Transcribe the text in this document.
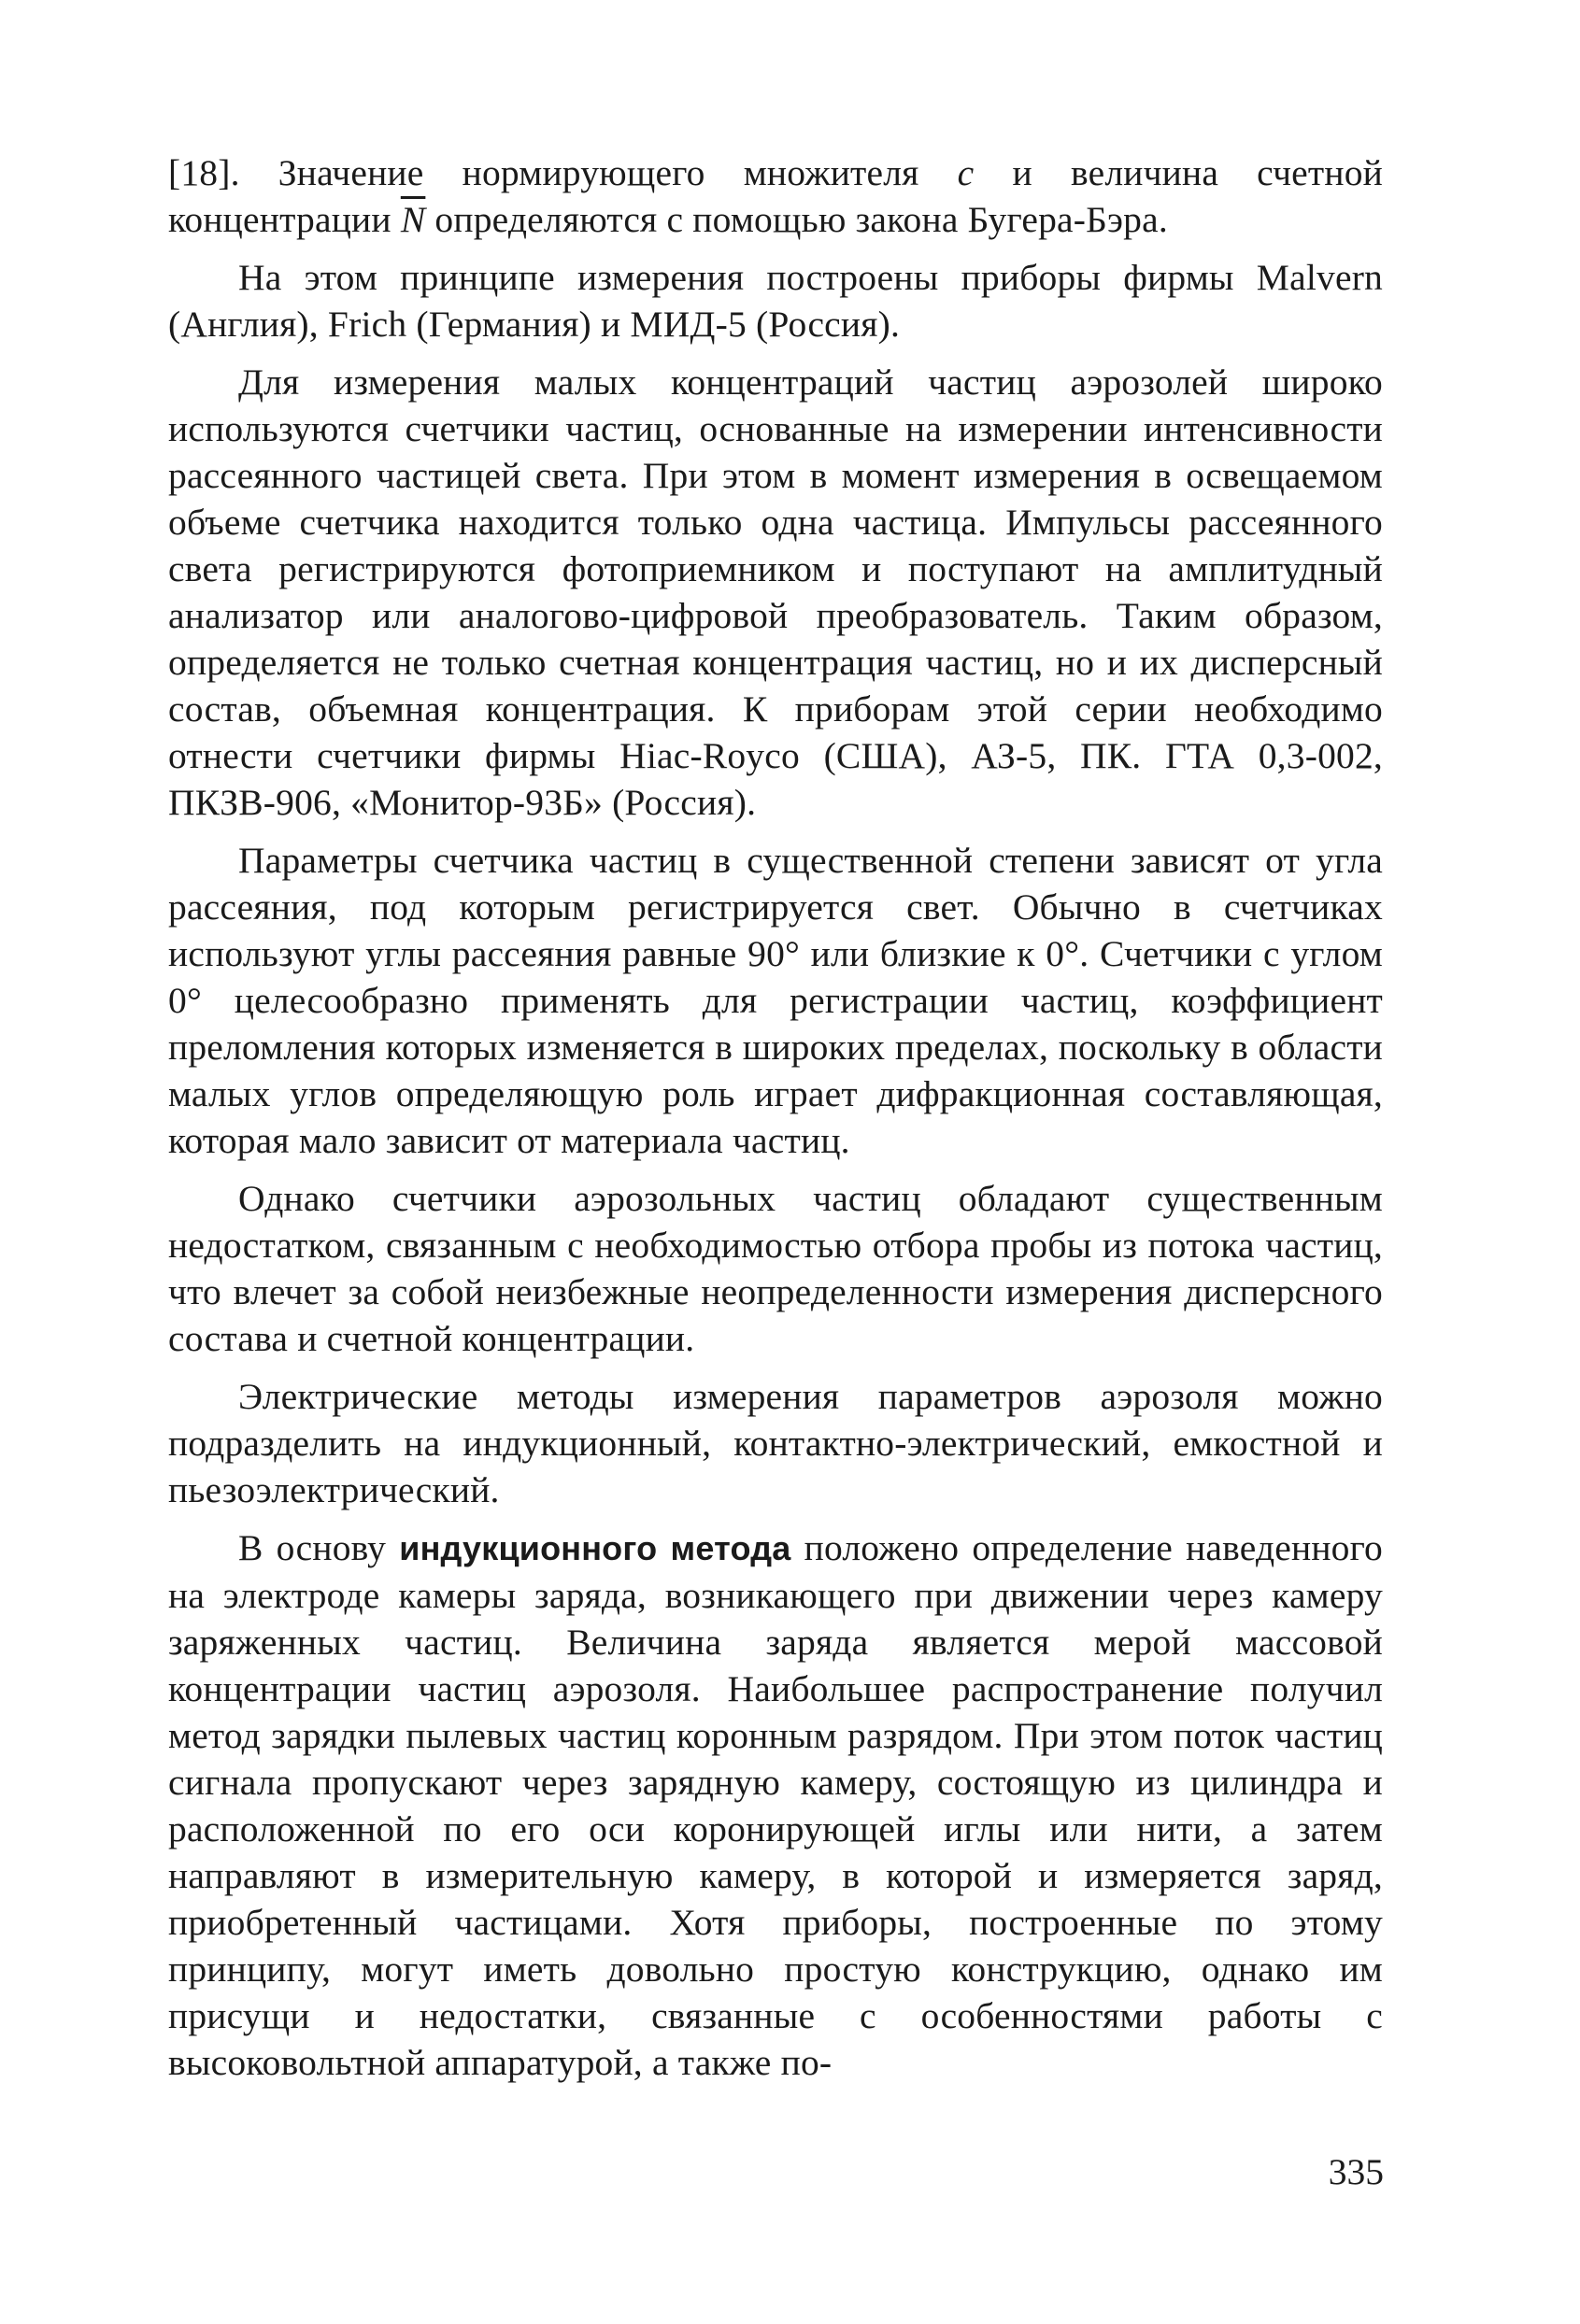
[18]. Значение нормирующего множителя c и величина счетной концентрации $\overline{N}$ определяются с помощью закона Бугера-Бэра.

На этом принципе измерения построены приборы фирмы Malvern (Англия), Frich (Германия) и МИД-5 (Россия).

Для измерения малых концентраций частиц аэрозолей широко используются счетчики частиц, основанные на измерении интенсивности рассеянного частицей света. При этом в момент измерения в освещаемом объеме счетчика находится только одна частица. Импульсы рассеянного света регистрируются фотоприемником и поступают на амплитудный анализатор или аналогово-цифровой преобразователь. Таким образом, определяется не только счетная концентрация частиц, но и их дисперсный состав, объемная концентрация. К приборам этой серии необходимо отнести счетчики фирмы Hiac-Royco (США), АЗ-5, ПК. ГТА 0,3-002, ПКЗВ-906, «Монитор-93Б» (Россия).

Параметры счетчика частиц в существенной степени зависят от угла рассеяния, под которым регистрируется свет. Обычно в счетчиках используют углы рассеяния равные 90° или близкие к 0°. Счетчики с углом 0° целесообразно применять для регистрации частиц, коэффициент преломления которых изменяется в широких пределах, поскольку в области малых углов определяющую роль играет дифракционная составляющая, которая мало зависит от материала частиц.

Однако счетчики аэрозольных частиц обладают существенным недостатком, связанным с необходимостью отбора пробы из потока частиц, что влечет за собой неизбежные неопределенности измерения дисперсного состава и счетной концентрации.

Электрические методы измерения параметров аэрозоля можно подразделить на индукционный, контактно-электрический, емкостной и пьезоэлектрический.

В основу индукционного метода положено определение наведенного на электроде камеры заряда, возникающего при движении через камеру заряженных частиц. Величина заряда является мерой массовой концентрации частиц аэрозоля. Наибольшее распространение получил метод зарядки пылевых частиц коронным разрядом. При этом поток частиц сигнала пропускают через зарядную камеру, состоящую из цилиндра и расположенной по его оси коронирующей иглы или нити, а затем направляют в измерительную камеру, в которой и измеряется заряд, приобретенный частицами. Хотя приборы, построенные по этому принципу, могут иметь довольно простую конструкцию, однако им присущи и недостатки, связанные с особенностями работы с высоковольтной аппаратурой, а также по-

335
